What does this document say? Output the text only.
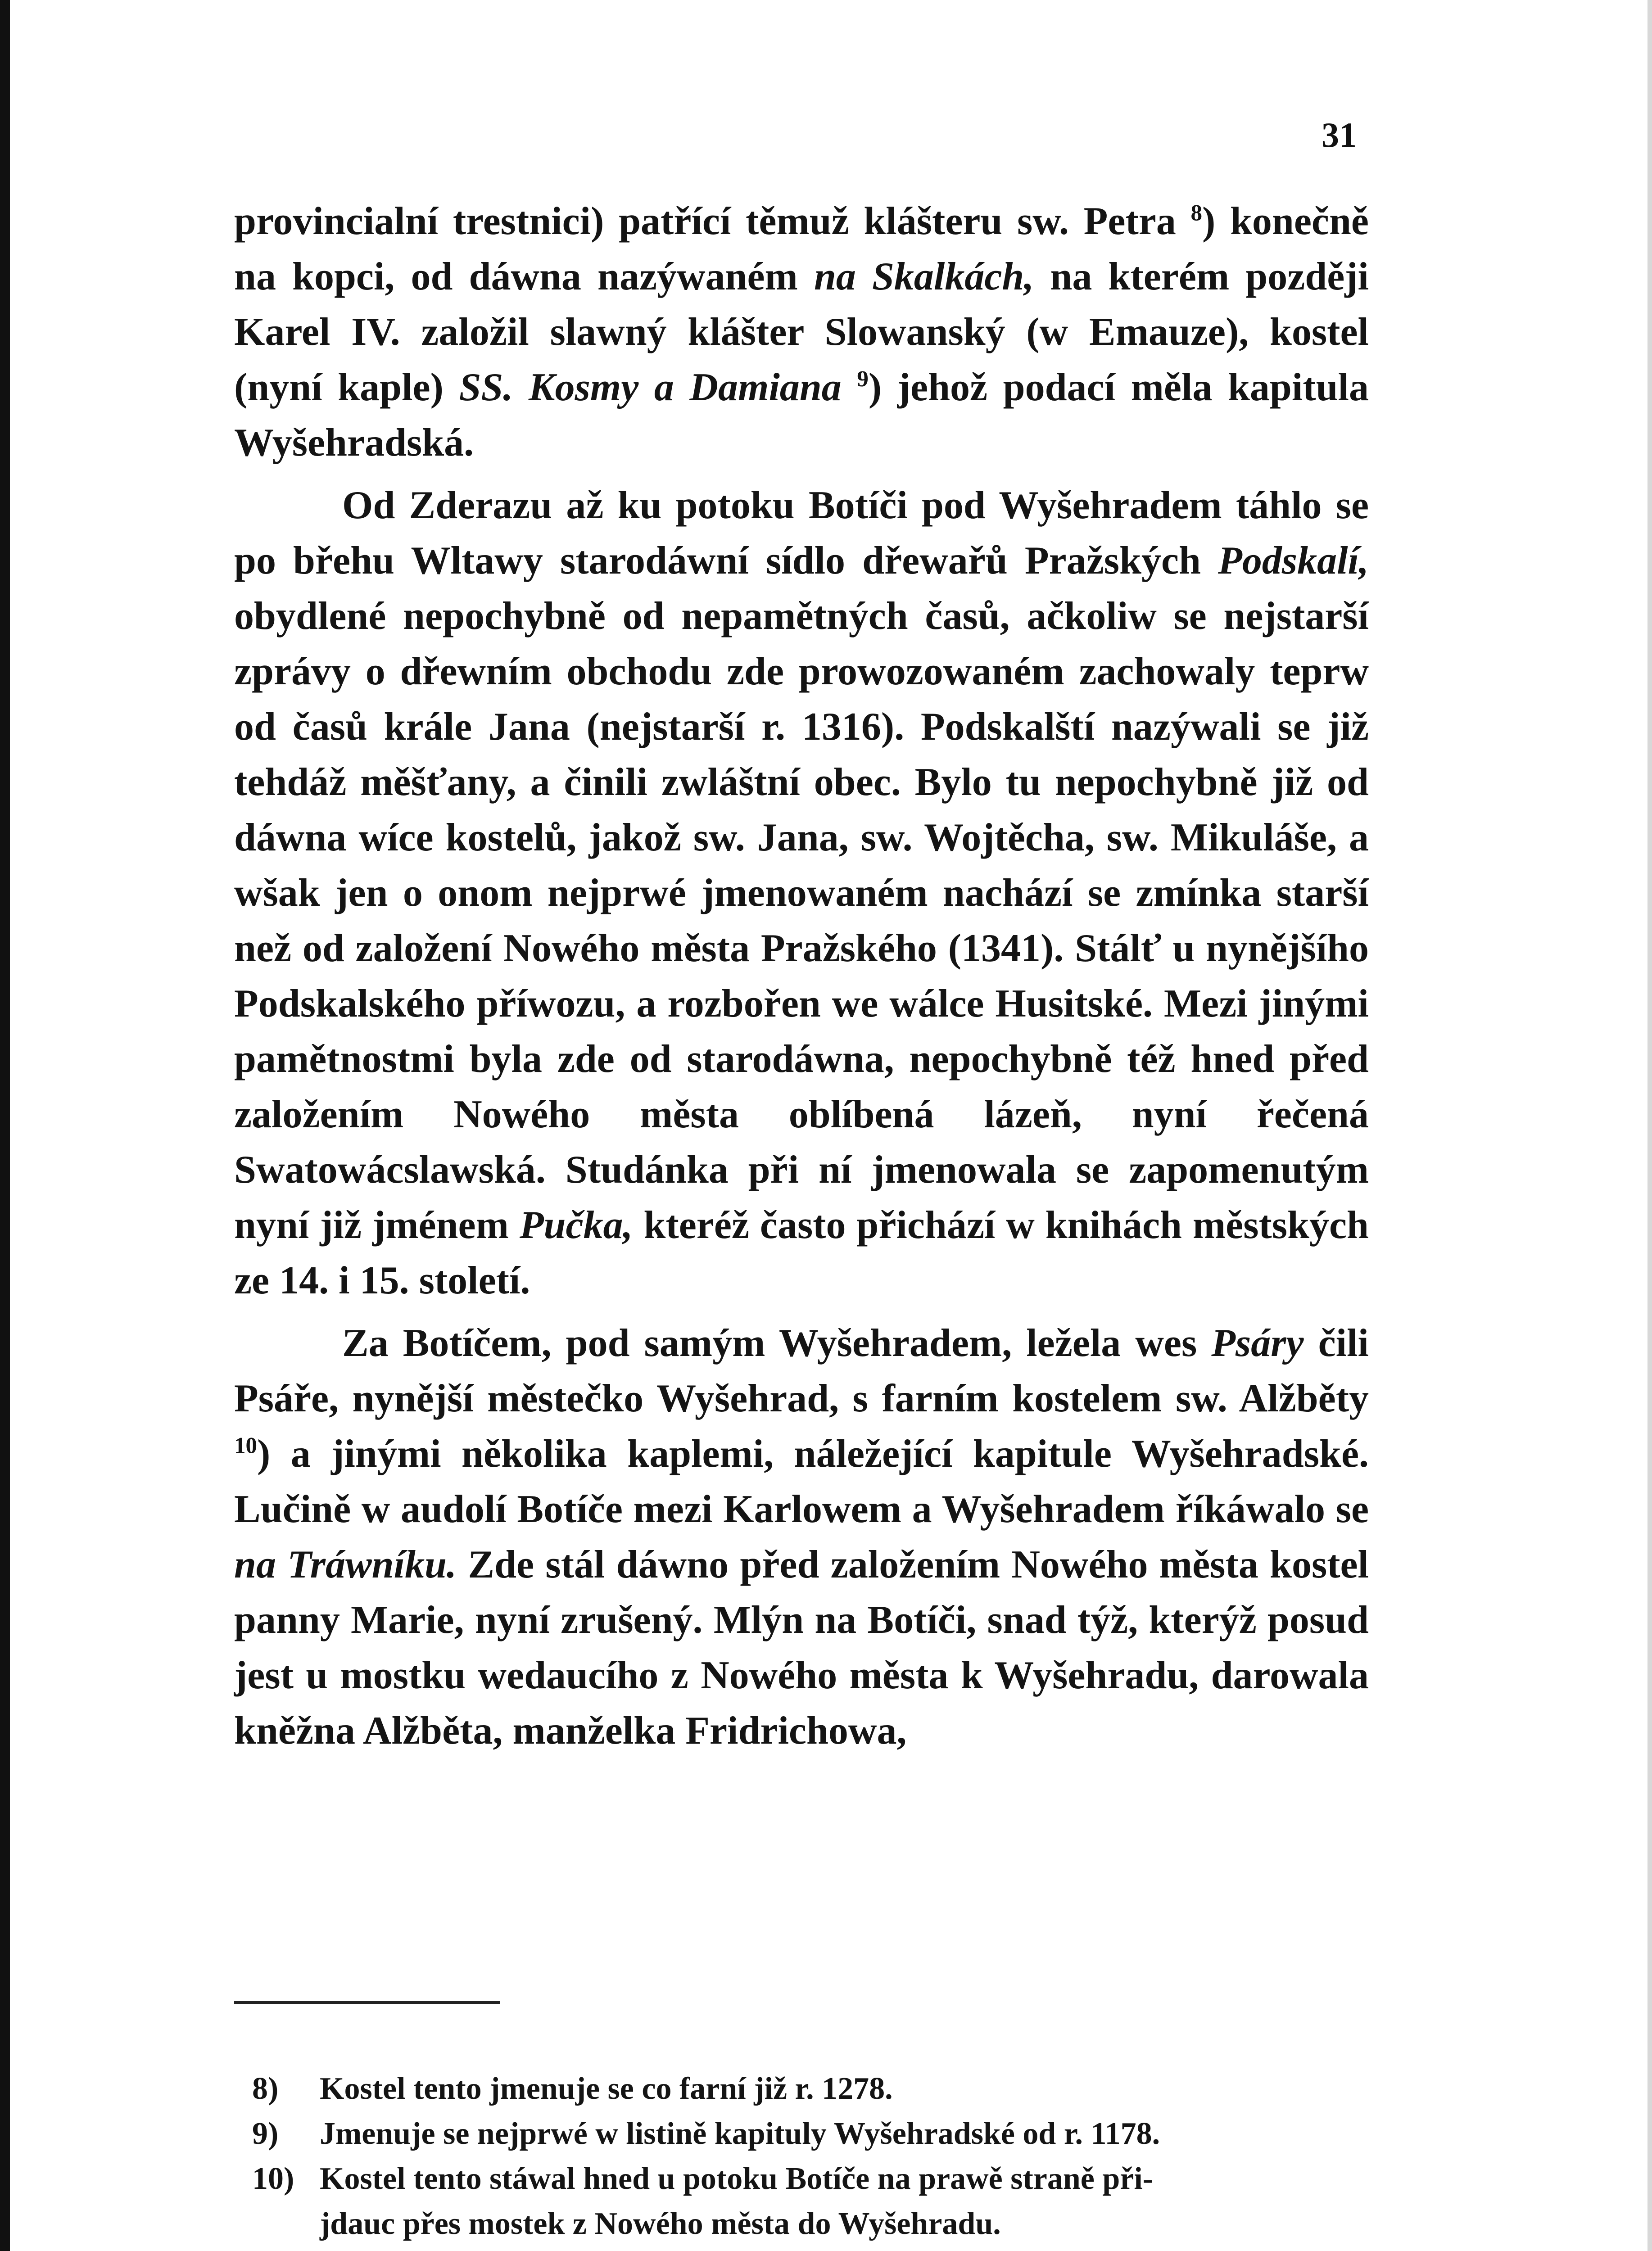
31

provincialní trestnici) patřící těmuž klášteru sw. Petra $^8$) konečně na kopci, od dáwna nazýwaném na Skalkách, na kterém později Karel IV. založil slawný klášter Slowanský (w Emauze), kostel (nyní kaple) SS. Kosmy a Damiana $^9$) jehož podací měla kapitula Wyšehradská.

Od Zderazu až ku potoku Botíči pod Wyšehradem táhlo se po břehu Wltawy starodáwní sídlo dřewařů Pražských Podskalí, obydlené nepochybně od nepamětných časů, ačkoliw se nejstarší zprávy o dřewním obchodu zde prowozowaném zachowaly teprw od časů krále Jana (nejstarší r. 1316). Podskalští nazýwali se již tehdáž měšťany, a činili zwláštní obec. Bylo tu nepochybně již od dáwna wíce kostelů, jakož sw. Jana, sw. Wojtěcha, sw. Mikuláše, a wšak jen o onom nejprwé jmenowaném nachází se zmínka starší než od založení Nowého města Pražského (1341). Stálť u nynějšího Podskalského příwozu, a rozbořen we wálce Husitské. Mezi jinými pamětnostmi byla zde od starodáwna, nepochybně též hned před založením Nowého města oblíbená lázeň, nyní řečená Swatowácslawská. Studánka při ní jmenowala se zapomenutým nyní již jménem Pučka, kteréž často přichází w knihách městských ze 14. i 15. století.

Za Botíčem, pod samým Wyšehradem, ležela wes Psáry čili Psáře, nynější městečko Wyšehrad, s farním kostelem sw. Alžběty $^{10}$) a jinými několika kaplemi, náležející kapitule Wyšehradské. Lučině w audolí Botíče mezi Karlowem a Wyšehradem říkáwalo se na Tráwníku. Zde stál dáwno před založením Nowého města kostel panny Marie, nyní zrušený. Mlýn na Botíči, snad týž, kterýž posud jest u mostku wedaucího z Nowého města k Wyšehradu, darowala kněžna Alžběta, manželka Fridrichowa,

8)	Kostel tento jmenuje se co farní již r. 1278.
9)	Jmenuje se nejprwé w listině kapituly Wyšehradské od r. 1178.
10) Kostel tento stáwal hned u potoku Botíče na prawě straně při-
jdauc přes mostek z Nowého města do Wyšehradu.
